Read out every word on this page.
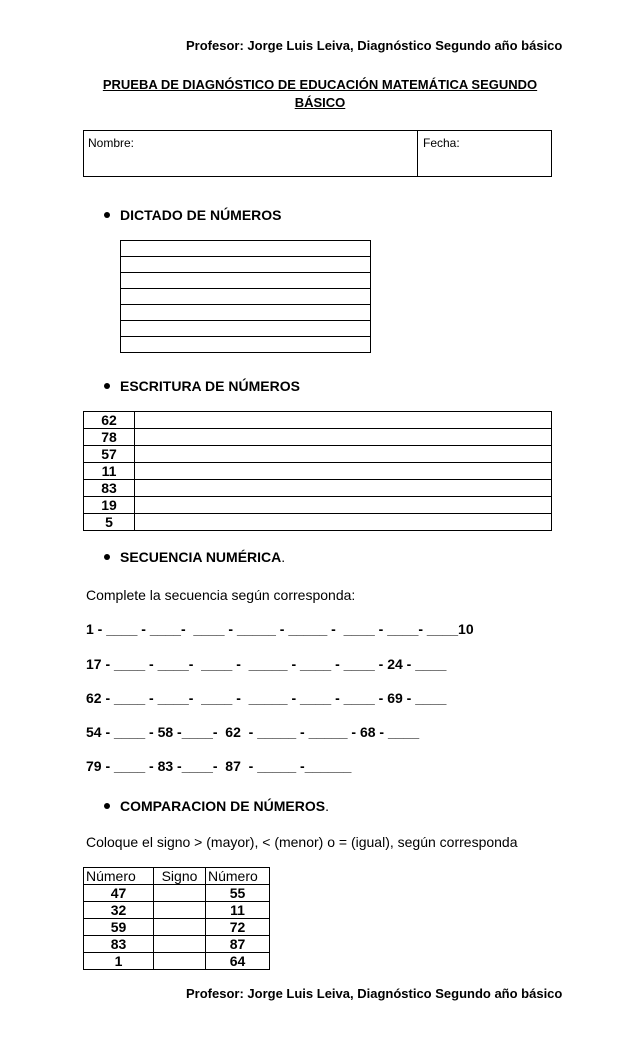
Profesor: Jorge Luis Leiva, Diagnóstico Segundo año básico
PRUEBA DE DIAGNÓSTICO DE EDUCACIÓN MATEMÁTICA SEGUNDO
BÁSICO
Nombre:	Fecha:
DICTADO DE NÚMEROS

ESCRITURA DE NÚMEROS
62	
78	
57	
11	
83	
19	
5	
SECUENCIA NUMÉRICA.
Complete la secuencia según corresponda:
1 - ____ - ____-  ____ - _____ - _____ -  ____ - ____- ____10
17 - ____ - ____-  ____ -  _____ - ____ - ____ - 24 - ____
62 - ____ - ____-  ____ -  _____ - ____ - ____ - 69 - ____
54 - ____ - 58 -____-  62  - _____ - _____ - 68 - ____
79 - ____ - 83 -____-  87  - _____ -______
COMPARACION DE NÚMEROS.
Coloque el signo > (mayor), < (menor) o = (igual), según corresponda
Número	Signo	Número
47		55
32		11
59		72
83		87
1		64
Profesor: Jorge Luis Leiva, Diagnóstico Segundo año básico
